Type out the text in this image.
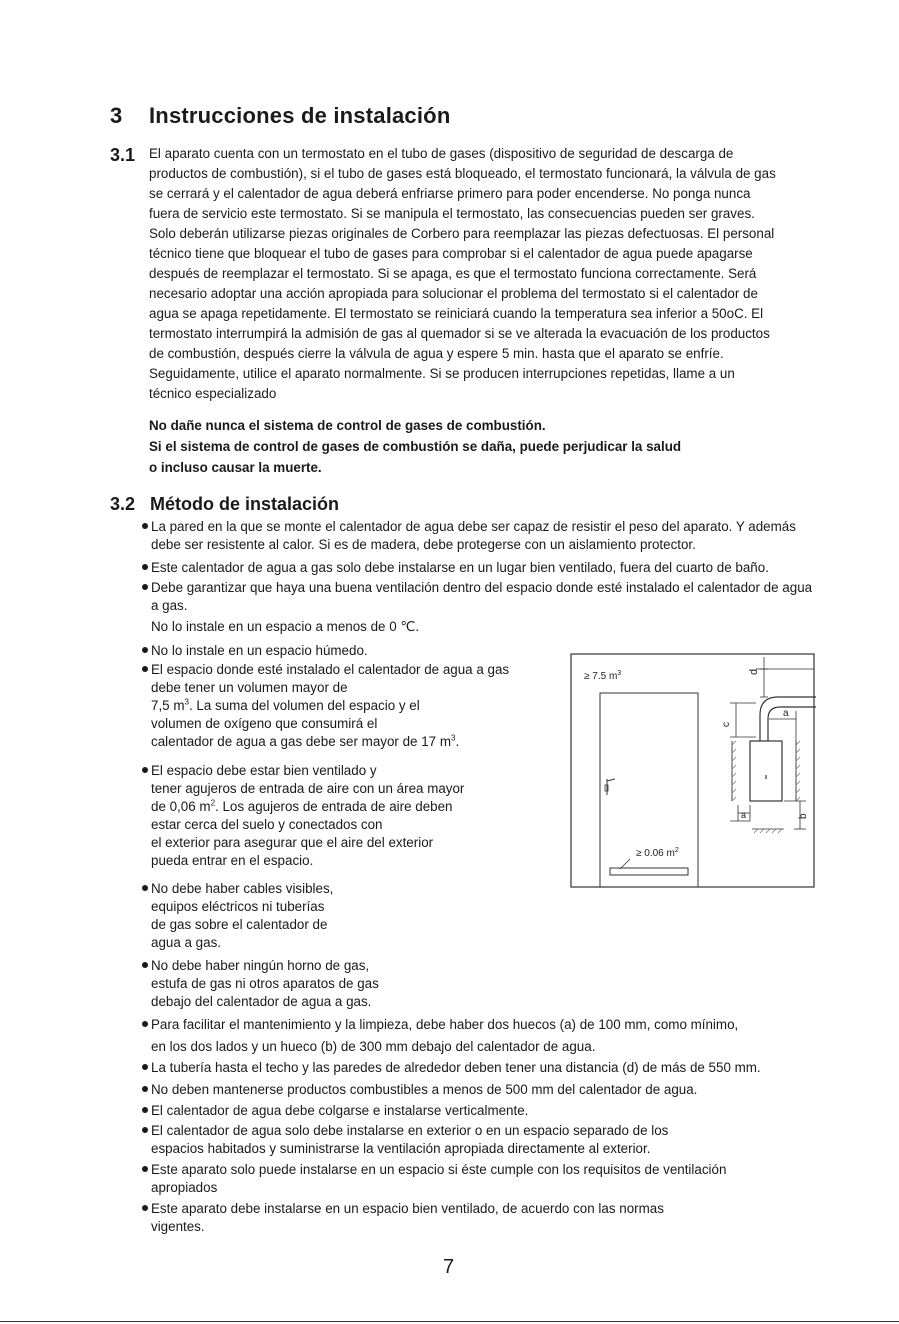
3 Instrucciones de instalación
3.1 El aparato cuenta con un termostato en el tubo de gases (dispositivo de seguridad de descarga de
productos de combustión), si el tubo de gases está bloqueado, el termostato funcionará, la válvula de gas
se cerrará y el calentador de agua deberá enfriarse primero para poder encenderse. No ponga nunca
fuera de servicio este termostato. Si se manipula el termostato, las consecuencias pueden ser graves.
Solo deberán utilizarse piezas originales de Corbero para reemplazar las piezas defectuosas. El personal
técnico tiene que bloquear el tubo de gases para comprobar si el calentador de agua puede apagarse
después de reemplazar el termostato. Si se apaga, es que el termostato funciona correctamente. Será
necesario adoptar una acción apropiada para solucionar el problema del termostato si el calentador de
agua se apaga repetidamente. El termostato se reiniciará cuando la temperatura sea inferior a 50oC. El
termostato interrumpirá la admisión de gas al quemador si se ve alterada la evacuación de los productos
de combustión, después cierre la válvula de agua y espere 5 min. hasta que el aparato se enfríe.
Seguidamente, utilice el aparato normalmente. Si se producen interrupciones repetidas, llame a un
técnico especializado
No dañe nunca el sistema de control de gases de combustión.
Si el sistema de control de gases de combustión se daña, puede perjudicar la salud
o incluso causar la muerte.
3.2 Método de instalación
La pared en la que se monte el calentador de agua debe ser capaz de resistir el peso del aparato. Y además
debe ser resistente al calor. Si es de madera, debe protegerse con un aislamiento protector.
Este calentador de agua a gas solo debe instalarse en un lugar bien ventilado, fuera del cuarto de baño.
Debe garantizar que haya una buena ventilación dentro del espacio donde esté instalado el calentador de agua
a gas.
No lo instale en un espacio a menos de 0 ℃.
No lo instale en un espacio húmedo.
El espacio donde esté instalado el calentador de agua a gas
debe tener un volumen mayor de
7,5 $m^3$. La suma del volumen del espacio y el
volumen de oxígeno que consumirá el
calentador de agua a gas debe ser mayor de 17 $m^3$.
El espacio debe estar bien ventilado y
tener agujeros de entrada de aire con un área mayor
de 0,06 $m^2$. Los agujeros de entrada de aire deben
estar cerca del suelo y conectados con
el exterior para asegurar que el aire del exterior
pueda entrar en el espacio.
No debe haber cables visibles,
equipos eléctricos ni tuberías
de gas sobre el calentador de
agua a gas.
No debe haber ningún horno de gas,
estufa de gas ni otros aparatos de gas
debajo del calentador de agua a gas.
Para facilitar el mantenimiento y la limpieza, debe haber dos huecos (a) de 100 mm, como mínimo,
en los dos lados y un hueco (b) de 300 mm debajo del calentador de agua.
La tubería hasta el techo y las paredes de alrededor deben tener una distancia (d) de más de 550 mm.
No deben mantenerse productos combustibles a menos de 500 mm del calentador de agua.
El calentador de agua debe colgarse e instalarse verticalmente.
El calentador de agua solo debe instalarse en exterior o en un espacio separado de los
espacios habitados y suministrarse la ventilación apropiada directamente al exterior.
Este aparato solo puede instalarse en un espacio si éste cumple con los requisitos de ventilación
apropiados
Este aparato debe instalarse en un espacio bien ventilado, de acuerdo con las normas
vigentes.
≥ 7.5 $m^3$
≥ 0.06 $m^2$
d
c
a
a	b
7
